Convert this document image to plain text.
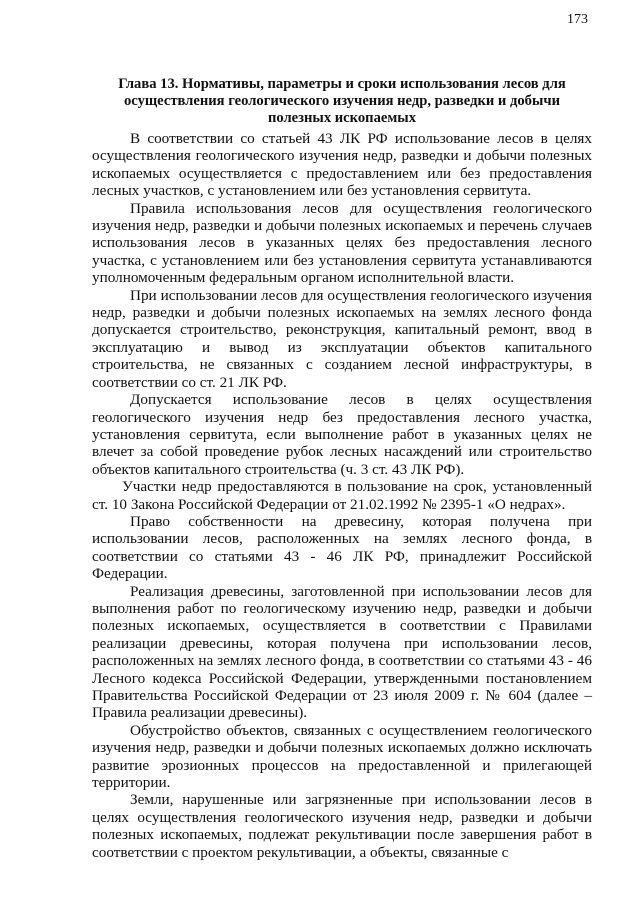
173
Глава 13. Нормативы, параметры и сроки использования лесов для осуществления геологического изучения недр, разведки и добычи полезных ископаемых

В соответствии со статьей 43 ЛК РФ использование лесов в целях осуществления геологического изучения недр, разведки и добычи полезных ископаемых осуществляется с предоставлением или без предоставления лесных участков, с установлением или без установления сервитута.

Правила использования лесов для осуществления геологического изучения недр, разведки и добычи полезных ископаемых и перечень случаев использования лесов в указанных целях без предоставления лесного участка, с установлением или без установления сервитута устанавливаются уполномоченным федеральным органом исполнительной власти.

При использовании лесов для осуществления геологического изучения недр, разведки и добычи полезных ископаемых на землях лесного фонда допускается строительство, реконструкция, капитальный ремонт, ввод в эксплуатацию и вывод из эксплуатации объектов капитального строительства, не связанных с созданием лесной инфраструктуры, в соответствии со ст. 21 ЛК РФ.

Допускается использование лесов в целях осуществления геологического изучения недр без предоставления лесного участка, установления сервитута, если выполнение работ в указанных целях не влечет за собой проведение рубок лесных насаждений или строительство объектов капитального строительства (ч. 3 ст. 43 ЛК РФ).

Участки недр предоставляются в пользование на срок, установленный ст. 10 Закона Российской Федерации от 21.02.1992 № 2395-1 «О недрах».

Право собственности на древесину, которая получена при использовании лесов, расположенных на землях лесного фонда, в соответствии со статьями 43 - 46 ЛК РФ, принадлежит Российской Федерации.

Реализация древесины, заготовленной при использовании лесов для выполнения работ по геологическому изучению недр, разведки и добычи полезных ископаемых, осуществляется в соответствии с Правилами реализации древесины, которая получена при использовании лесов, расположенных на землях лесного фонда, в соответствии со статьями 43 - 46 Лесного кодекса Российской Федерации, утвержденными постановлением Правительства Российской Федерации от 23 июля 2009 г. № 604 (далее – Правила реализации древесины).

Обустройство объектов, связанных с осуществлением геологического изучения недр, разведки и добычи полезных ископаемых должно исключать развитие эрозионных процессов на предоставленной и прилегающей территории.

Земли, нарушенные или загрязненные при использовании лесов в целях осуществления геологического изучения недр, разведки и добычи полезных ископаемых, подлежат рекультивации после завершения работ в соответствии с проектом рекультивации, а объекты, связанные с
